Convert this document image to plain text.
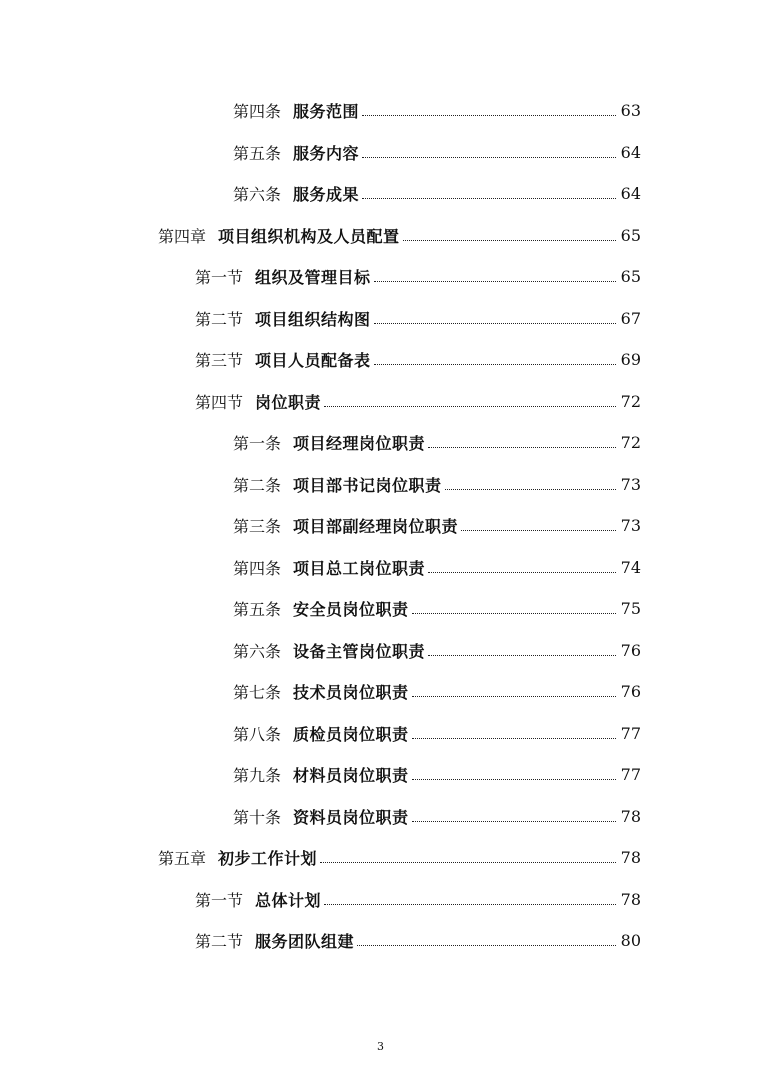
第四条 服务范围	63
第五条 服务内容	64
第六条 服务成果	64
第四章 项目组织机构及人员配置	65
第一节 组织及管理目标	65
第二节 项目组织结构图	67
第三节 项目人员配备表	69
第四节 岗位职责	72
第一条 项目经理岗位职责	72
第二条 项目部书记岗位职责	73
第三条 项目部副经理岗位职责	73
第四条 项目总工岗位职责	74
第五条 安全员岗位职责	75
第六条 设备主管岗位职责	76
第七条 技术员岗位职责	76
第八条 质检员岗位职责	77
第九条 材料员岗位职责	77
第十条 资料员岗位职责	78
第五章 初步工作计划	78
第一节 总体计划	78
第二节 服务团队组建	80
3
